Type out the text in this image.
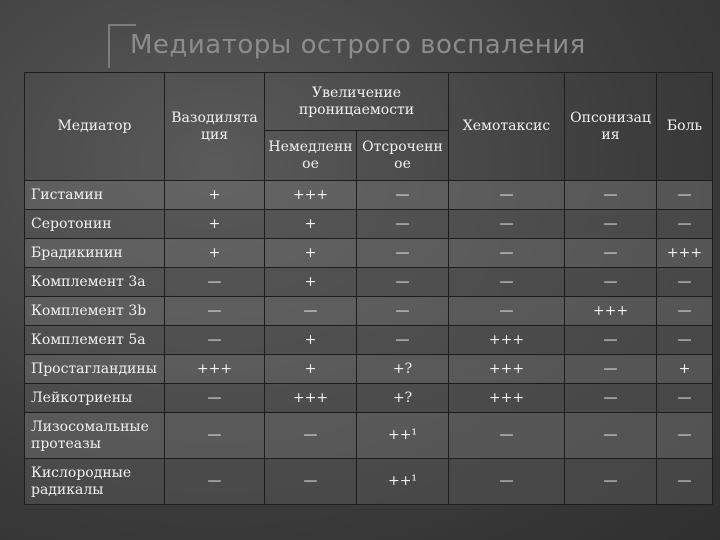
Медиаторы острого воспаления
Медиатор	Вазодилята ция	Увеличение проницаемости		Хемотаксис	Опсонизац ия	Боль
		Немедленн ое	Отсроченн ое			
Гистамин	+	+++	—	—	—	—
Серотонин	+	+	—	—	—	—
Брадикинин	+	+	—	—	—	+++
Комплемент 3а	—	+	—	—	—	—
Комплемент 3b	—	—	—	—	+++	—
Комплемент 5а	—	+	—	+++	—	—
Простагландины	+++	+	+?	+++	—	+
Лейкотриены	—	+++	+?	+++	—	—
Лизосомальные протеазы	—	—	++¹	—	—	—
Кислородные радикалы	—	—	++¹	—	—	—
